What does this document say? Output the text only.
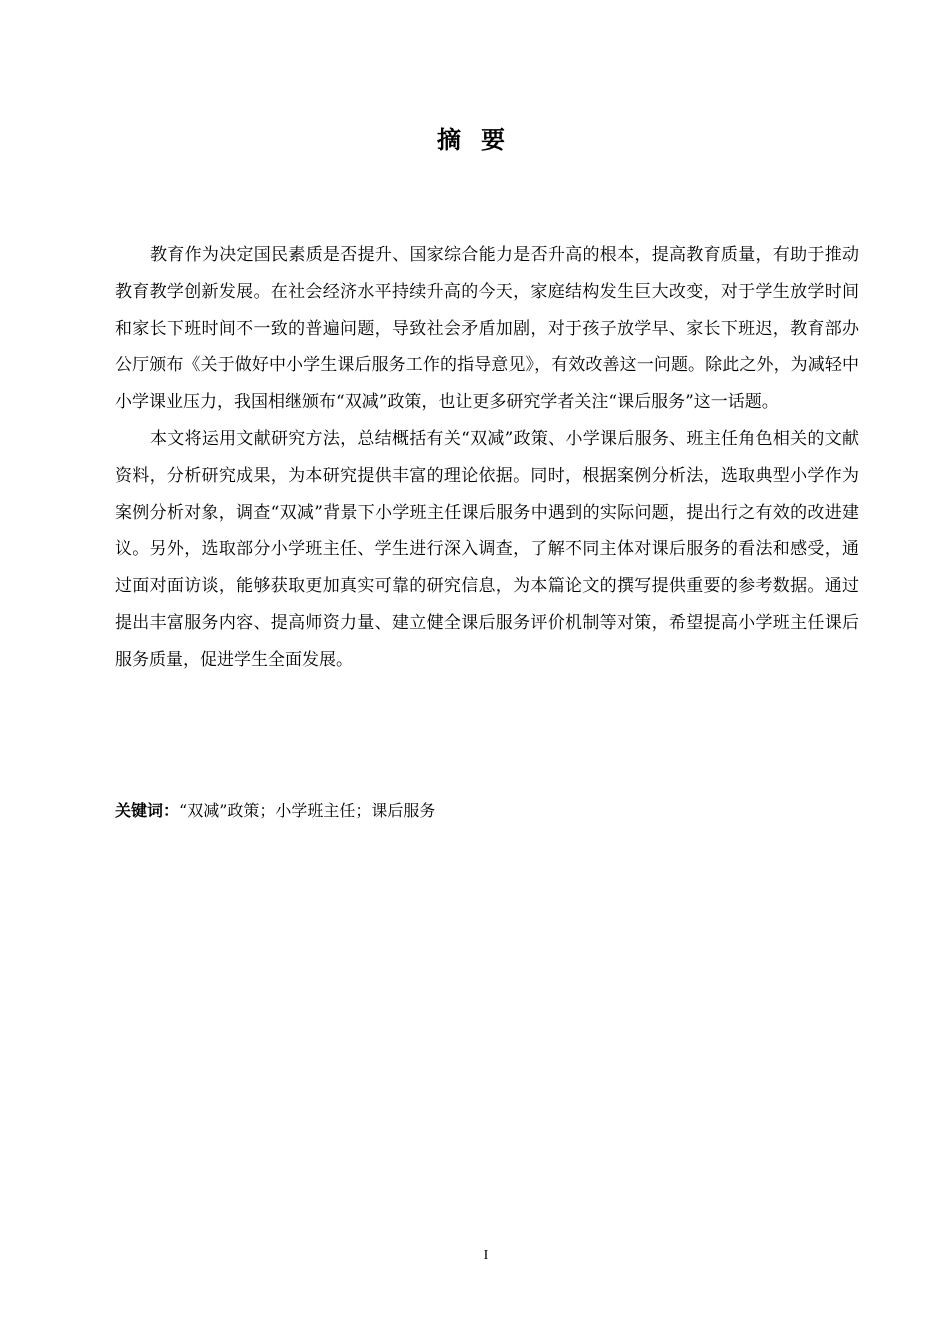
摘要

教育作为决定国民素质是否提升、国家综合能力是否升高的根本，提高教育质量，有助于推动教育教学创新发展。在社会经济水平持续升高的今天，家庭结构发生巨大改变，对于学生放学时间和家长下班时间不一致的普遍问题，导致社会矛盾加剧，对于孩子放学早、家长下班迟，教育部办公厅颁布《关于做好中小学生课后服务工作的指导意见》，有效改善这一问题。除此之外，为减轻中小学课业压力，我国相继颁布“双减”政策，也让更多研究学者关注“课后服务”这一话题。

本文将运用文献研究方法，总结概括有关“双减”政策、小学课后服务、班主任角色相关的文献资料，分析研究成果，为本研究提供丰富的理论依据。同时，根据案例分析法，选取典型小学作为案例分析对象，调查“双减”背景下小学班主任课后服务中遇到的实际问题，提出行之有效的改进建议。另外，选取部分小学班主任、学生进行深入调查，了解不同主体对课后服务的看法和感受，通过面对面访谈，能够获取更加真实可靠的研究信息，为本篇论文的撰写提供重要的参考数据。通过提出丰富服务内容、提高师资力量、建立健全课后服务评价机制等对策，希望提高小学班主任课后服务质量，促进学生全面发展。

关键词：“双减”政策；小学班主任；课后服务

I
